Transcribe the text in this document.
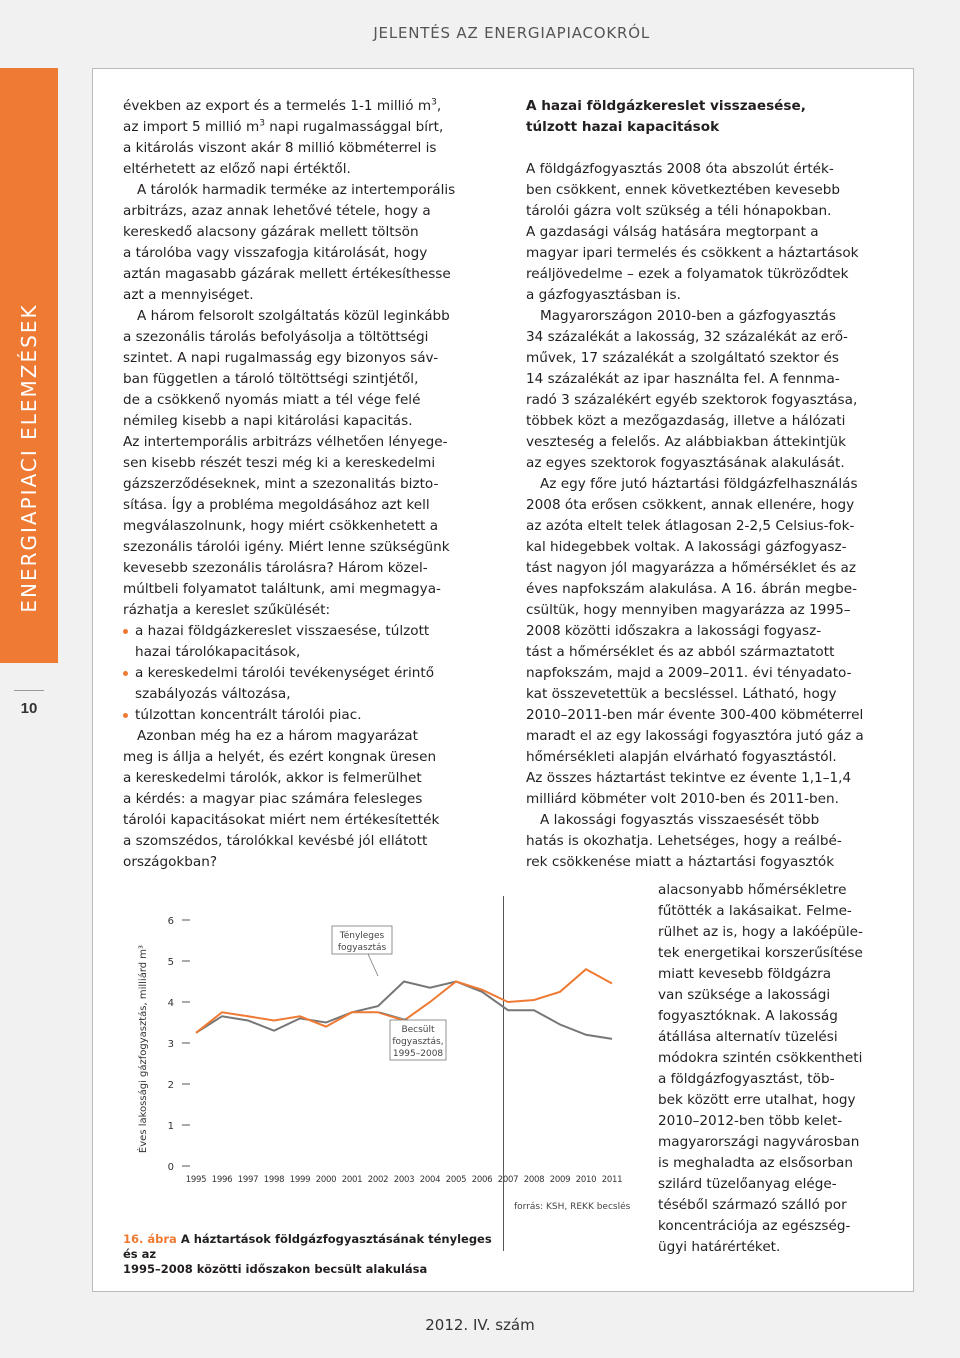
JELENTÉS AZ ENERGIAPIACOKRÓL
ENERGIAPIACI ELEMZÉSEK
10

években az export és a termelés 1-1 millió $m^3$,
az import 5 millió $m^3$ napi rugalmassággal bírt,
a kitárolás viszont akár 8 millió köbméterrel is
eltérhetett az előző napi értéktől.

A tárolók harmadik terméke az intertemporális
arbitrázs, azaz annak lehetővé tétele, hogy a
kereskedő alacsony gázárak mellett töltsön
a tárolóba vagy visszafogja kitárolását, hogy
aztán magasabb gázárak mellett értékesíthesse
azt a mennyiséget.

A három felsorolt szolgáltatás közül leginkább
a szezonális tárolás befolyásolja a töltöttségi
szintet. A napi rugalmasság egy bizonyos sáv-
ban független a tároló töltöttségi szintjétől,
de a csökkenő nyomás miatt a tél vége felé
némileg kisebb a napi kitárolási kapacitás.
Az intertemporális arbitrázs vélhetően lényege-
sen kisebb részét teszi még ki a kereskedelmi
gázszerződéseknek, mint a szezonalitás bizto-
sítása. Így a probléma megoldásához azt kell
megválaszolnunk, hogy miért csökkenhetett a
szezonális tárolói igény. Miért lenne szükségünk
kevesebb szezonális tárolásra? Három közel-
múltbeli folyamatot találtunk, ami megmagya-
rázhatja a kereslet szűkülését:

a hazai földgázkereslet visszaesése, túlzott
hazai tárolókapacitások,
a kereskedelmi tárolói tevékenységet érintő
szabályozás változása,
túlzottan koncentrált tárolói piac.

Azonban még ha ez a három magyarázat
meg is állja a helyét, és ezért kongnak üresen
a kereskedelmi tárolók, akkor is felmerülhet
a kérdés: a magyar piac számára felesleges
tárolói kapacitásokat miért nem értékesítették
a szomszédos, tárolókkal kevésbé jól ellátott
országokban?

A hazai földgázkereslet visszaesése,
túlzott hazai kapacitások

A földgázfogyasztás 2008 óta abszolút érték-
ben csökkent, ennek következtében kevesebb
tárolói gázra volt szükség a téli hónapokban.
A gazdasági válság hatására megtorpant a
magyar ipari termelés és csökkent a háztartások
reáljövedelme – ezek a folyamatok tükröződtek
a gázfogyasztásban is.

Magyarországon 2010-ben a gázfogyasztás
34 százalékát a lakosság, 32 százalékát az erő-
művek, 17 százalékát a szolgáltató szektor és
14 százalékát az ipar használta fel. A fennma-
radó 3 százalékért egyéb szektorok fogyasztása,
többek közt a mezőgazdaság, illetve a hálózati
veszteség a felelős. Az alábbiakban áttekintjük
az egyes szektorok fogyasztásának alakulását.

Az egy főre jutó háztartási földgázfelhasználás
2008 óta erősen csökkent, annak ellenére, hogy
az azóta eltelt telek átlagosan 2-2,5 Celsius-fok-
kal hidegebbek voltak. A lakossági gázfogyasz-
tást nagyon jól magyarázza a hőmérséklet és az
éves napfokszám alakulása. A 16. ábrán megbe-
csültük, hogy mennyiben magyarázza az 1995–
2008 közötti időszakra a lakossági fogyasz-
tást a hőmérséklet és az abból származtatott
napfokszám, majd a 2009–2011. évi tényadato-
kat összevetettük a becsléssel. Látható, hogy
2010–2011-ben már évente 300-400 köbméterrel
maradt el az egy lakossági fogyasztóra jutó gáz a
hőmérsékleti alapján elvárható fogyasztástól.
Az összes háztartást tekintve ez évente 1,1–1,4
milliárd köbméter volt 2010-ben és 2011-ben.

A lakossági fogyasztás visszaesését több
hatás is okozhatja. Lehetséges, hogy a reálbé-
rek csökkenése miatt a háztartási fogyasztók

alacsonyabb hőmérsékletre
fűtötték a lakásaikat. Felme-
rülhet az is, hogy a lakóépüle-
tek energetikai korszerűsítése
miatt kevesebb földgázra
van szüksége a lakossági
fogyasztóknak. A lakosság
átállása alternatív tüzelési
módokra szintén csökkentheti
a földgázfogyasztást, töb-
bek között erre utalhat, hogy
2010–2012-ben több kelet-
magyarországi nagyvárosban
is meghaladta az elsősorban
szilárd tüzelőanyag elége-
téséből származó szálló por
koncentrációja az egészség-
ügyi határértéket.

0
1
2
3
4
5
6
1995 1996 1997 1998 1999 2000 2001 2002 2003 2004 2005 2006 2007 2008 2009 2010 2011
Éves lakossági gázfogyasztás, milliárd m³
Tényleges
fogyasztás
Becsült
fogyasztás,
1995–2008
forrás: KSH, REKK becslés
16. ábra A háztartások földgázfogyasztásának tényleges és az
1995–2008 közötti időszakon becsült alakulása
2012. IV. szám
